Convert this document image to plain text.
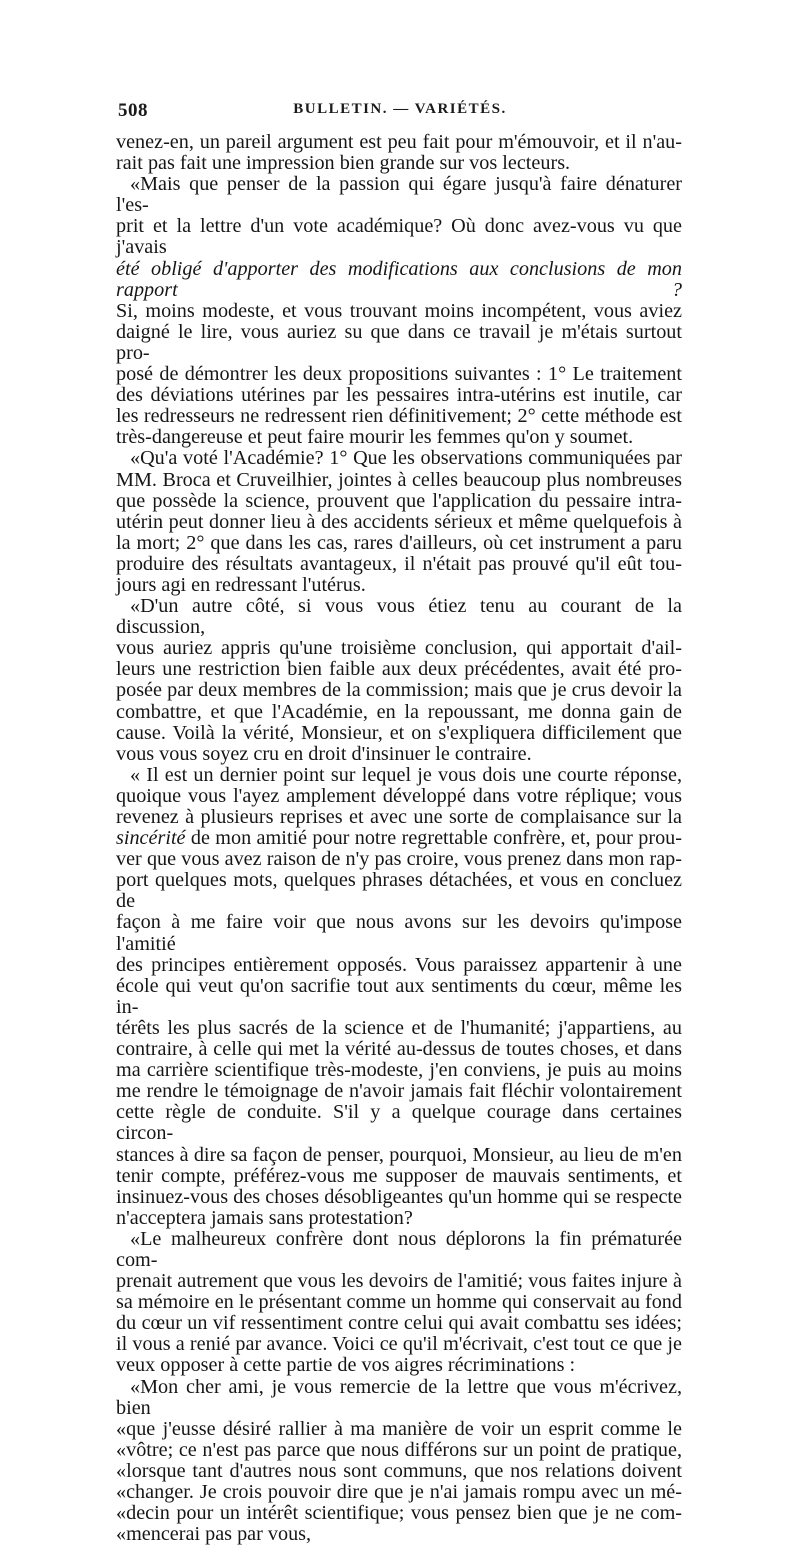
508	BULLETIN. — VARIÉTÉS.

venez-en, un pareil argument est peu fait pour m'émouvoir, et il n'au-

rait pas fait une impression bien grande sur vos lecteurs.

«Mais que penser de la passion qui égare jusqu'à faire dénaturer l'es-

prit et la lettre d'un vote académique? Où donc avez-vous vu que j'avais

été obligé d'apporter des modifications aux conclusions de mon rapport ?

Si, moins modeste, et vous trouvant moins incompétent, vous aviez

daigné le lire, vous auriez su que dans ce travail je m'étais surtout pro-

posé de démontrer les deux propositions suivantes : 1° Le traitement

des déviations utérines par les pessaires intra-utérins est inutile, car

les redresseurs ne redressent rien définitivement; 2° cette méthode est

très-dangereuse et peut faire mourir les femmes qu'on y soumet.

«Qu'a voté l'Académie? 1° Que les observations communiquées par

MM. Broca et Cruveilhier, jointes à celles beaucoup plus nombreuses

que possède la science, prouvent que l'application du pessaire intra-

utérin peut donner lieu à des accidents sérieux et même quelquefois à

la mort; 2° que dans les cas, rares d'ailleurs, où cet instrument a paru

produire des résultats avantageux, il n'était pas prouvé qu'il eût tou-

jours agi en redressant l'utérus.

«D'un autre côté, si vous vous étiez tenu au courant de la discussion,

vous auriez appris qu'une troisième conclusion, qui apportait d'ail-

leurs une restriction bien faible aux deux précédentes, avait été pro-

posée par deux membres de la commission; mais que je crus devoir la

combattre, et que l'Académie, en la repoussant, me donna gain de

cause. Voilà la vérité, Monsieur, et on s'expliquera difficilement que

vous vous soyez cru en droit d'insinuer le contraire.

« Il est un dernier point sur lequel je vous dois une courte réponse,

quoique vous l'ayez amplement développé dans votre réplique; vous

revenez à plusieurs reprises et avec une sorte de complaisance sur la

sincérité de mon amitié pour notre regrettable confrère, et, pour prou-

ver que vous avez raison de n'y pas croire, vous prenez dans mon rap-

port quelques mots, quelques phrases détachées, et vous en concluez de

façon à me faire voir que nous avons sur les devoirs qu'impose l'amitié

des principes entièrement opposés. Vous paraissez appartenir à une

école qui veut qu'on sacrifie tout aux sentiments du cœur, même les in-

térêts les plus sacrés de la science et de l'humanité; j'appartiens, au

contraire, à celle qui met la vérité au-dessus de toutes choses, et dans

ma carrière scientifique très-modeste, j'en conviens, je puis au moins

me rendre le témoignage de n'avoir jamais fait fléchir volontairement

cette règle de conduite. S'il y a quelque courage dans certaines circon-

stances à dire sa façon de penser, pourquoi, Monsieur, au lieu de m'en

tenir compte, préférez-vous me supposer de mauvais sentiments, et

insinuez-vous des choses désobligeantes qu'un homme qui se respecte

n'acceptera jamais sans protestation?

«Le malheureux confrère dont nous déplorons la fin prématurée com-

prenait autrement que vous les devoirs de l'amitié; vous faites injure à

sa mémoire en le présentant comme un homme qui conservait au fond

du cœur un vif ressentiment contre celui qui avait combattu ses idées;

il vous a renié par avance. Voici ce qu'il m'écrivait, c'est tout ce que je

veux opposer à cette partie de vos aigres récriminations :

«Mon cher ami, je vous remercie de la lettre que vous m'écrivez, bien

«que j'eusse désiré rallier à ma manière de voir un esprit comme le

«vôtre; ce n'est pas parce que nous différons sur un point de pratique,

«lorsque tant d'autres nous sont communs, que nos relations doivent

«changer. Je crois pouvoir dire que je n'ai jamais rompu avec un mé-

«decin pour un intérêt scientifique; vous pensez bien que je ne com-

«mencerai pas par vous,
